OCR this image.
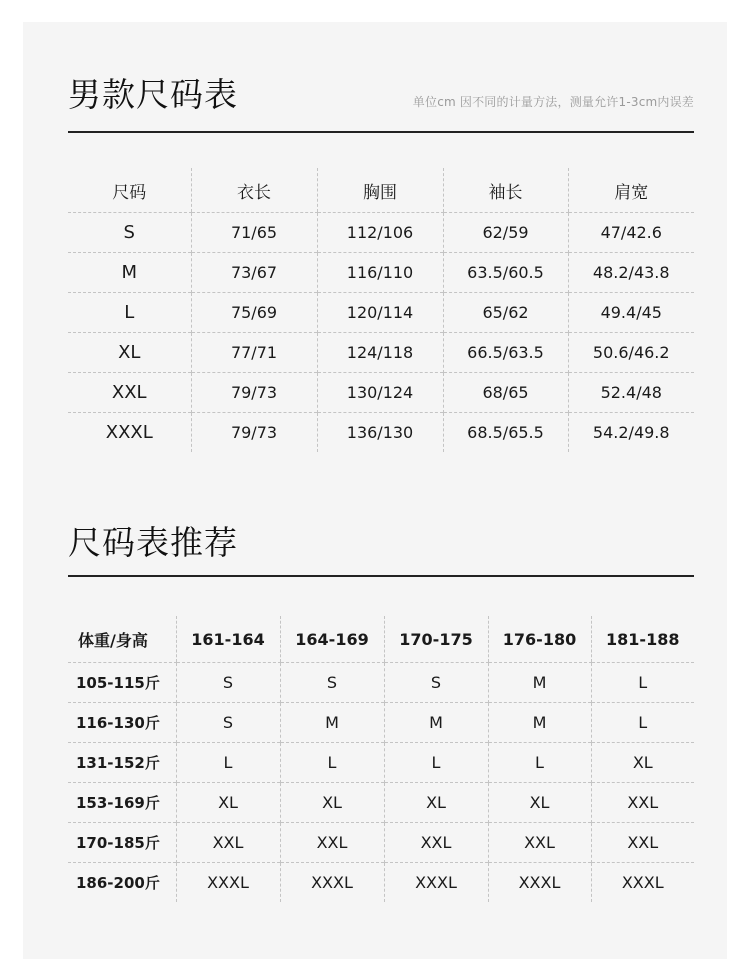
男款尺码表	单位cm 因不同的计量方法，测量允许1-3cm内误差
尺码	衣长	胸围	袖长	肩宽
S	71/65	112/106	62/59	47/42.6
M	73/67	116/110	63.5/60.5	48.2/43.8
L	75/69	120/114	65/62	49.4/45
XL	77/71	124/118	66.5/63.5	50.6/46.2
XXL	79/73	130/124	68/65	52.4/48
XXXL	79/73	136/130	68.5/65.5	54.2/49.8
尺码表推荐
体重/身高	161-164	164-169	170-175	176-180	181-188
105-115斤	S	S	S	M	L
116-130斤	S	M	M	M	L
131-152斤	L	L	L	L	XL
153-169斤	XL	XL	XL	XL	XXL
170-185斤	XXL	XXL	XXL	XXL	XXL
186-200斤	XXXL	XXXL	XXXL	XXXL	XXXL
